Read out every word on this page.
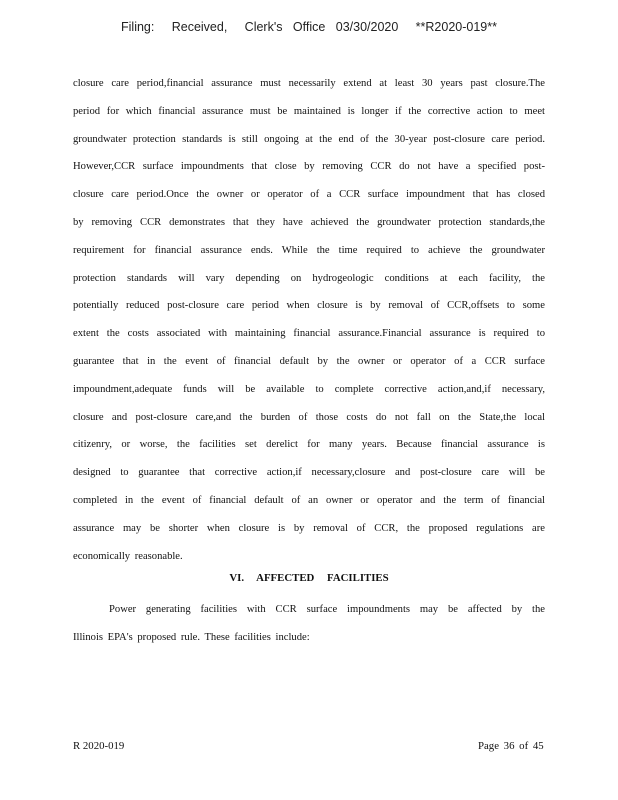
Filing:     Received,     Clerk's   Office   03/30/2020     **R2020-019**
closure care period,financial assurance must necessarily extend at least 30 years past closure.The
period for which financial assurance must be maintained is longer if the corrective action to meet
groundwater protection standards is still ongoing at the end of the 30-year post-closure care period.
However,CCR surface impoundments that close by removing CCR do not have a specified post-
closure care period.Once the owner or operator of a CCR surface impoundment that has closed
by removing CCR demonstrates that they have achieved the groundwater protection standards,the
requirement for financial assurance ends. While the time required to achieve the groundwater
protection standards will vary depending on hydrogeologic conditions at each facility, the
potentially reduced post-closure care period when closure is by removal of CCR,offsets to some
extent the costs associated with maintaining financial assurance.Financial assurance is required to
guarantee that in the event of financial default by the owner or operator of a CCR surface
impoundment,adequate funds will be available to complete corrective action,and,if necessary,
closure and post-closure care,and the burden of those costs do not fall on the State,the local
citizenry, or worse, the facilities set derelict for many years. Because financial assurance is
designed to guarantee that corrective action,if necessary,closure and post-closure care will be
completed in the event of financial default of an owner or operator and the term of financial
assurance may be shorter when closure is by removal of CCR, the proposed regulations are
economically reasonable.
VI. AFFECTED FACILITIES
Power generating facilities with CCR surface impoundments may be affected by the
Illinois EPA's proposed rule. These facilities include:
R 2020-019	Page 36 of 45
